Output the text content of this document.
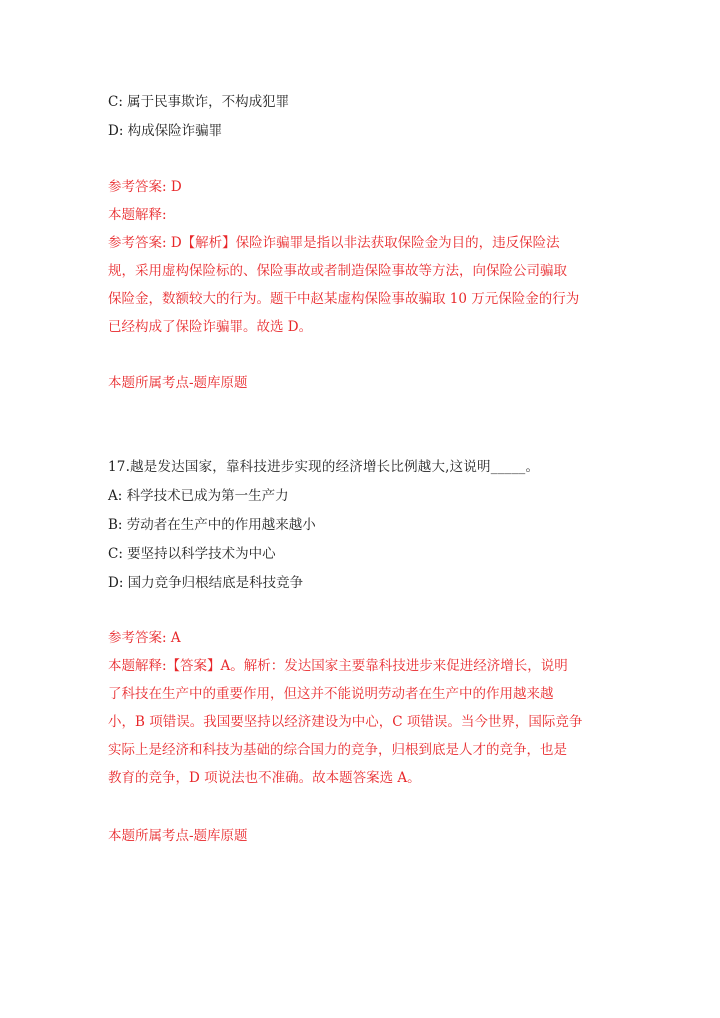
C: 属于民事欺诈，不构成犯罪
D: 构成保险诈骗罪
参考答案: D
本题解释:
参考答案: D【解析】保险诈骗罪是指以非法获取保险金为目的，违反保险法
规，采用虚构保险标的、保险事故或者制造保险事故等方法，向保险公司骗取
保险金，数额较大的行为。题干中赵某虚构保险事故骗取 10 万元保险金的行为
已经构成了保险诈骗罪。故选 D。
本题所属考点-题库原题
17.越是发达国家，靠科技进步实现的经济增长比例越大,这说明_____。
A: 科学技术已成为第一生产力
B: 劳动者在生产中的作用越来越小
C: 要坚持以科学技术为中心
D: 国力竞争归根结底是科技竞争
参考答案: A
本题解释:【答案】A。解析：发达国家主要靠科技进步来促进经济增长，说明
了科技在生产中的重要作用，但这并不能说明劳动者在生产中的作用越来越
小，B 项错误。我国要坚持以经济建设为中心，C 项错误。当今世界，国际竞争
实际上是经济和科技为基础的综合国力的竞争，归根到底是人才的竞争，也是
教育的竞争，D 项说法也不准确。故本题答案选 A。
本题所属考点-题库原题
